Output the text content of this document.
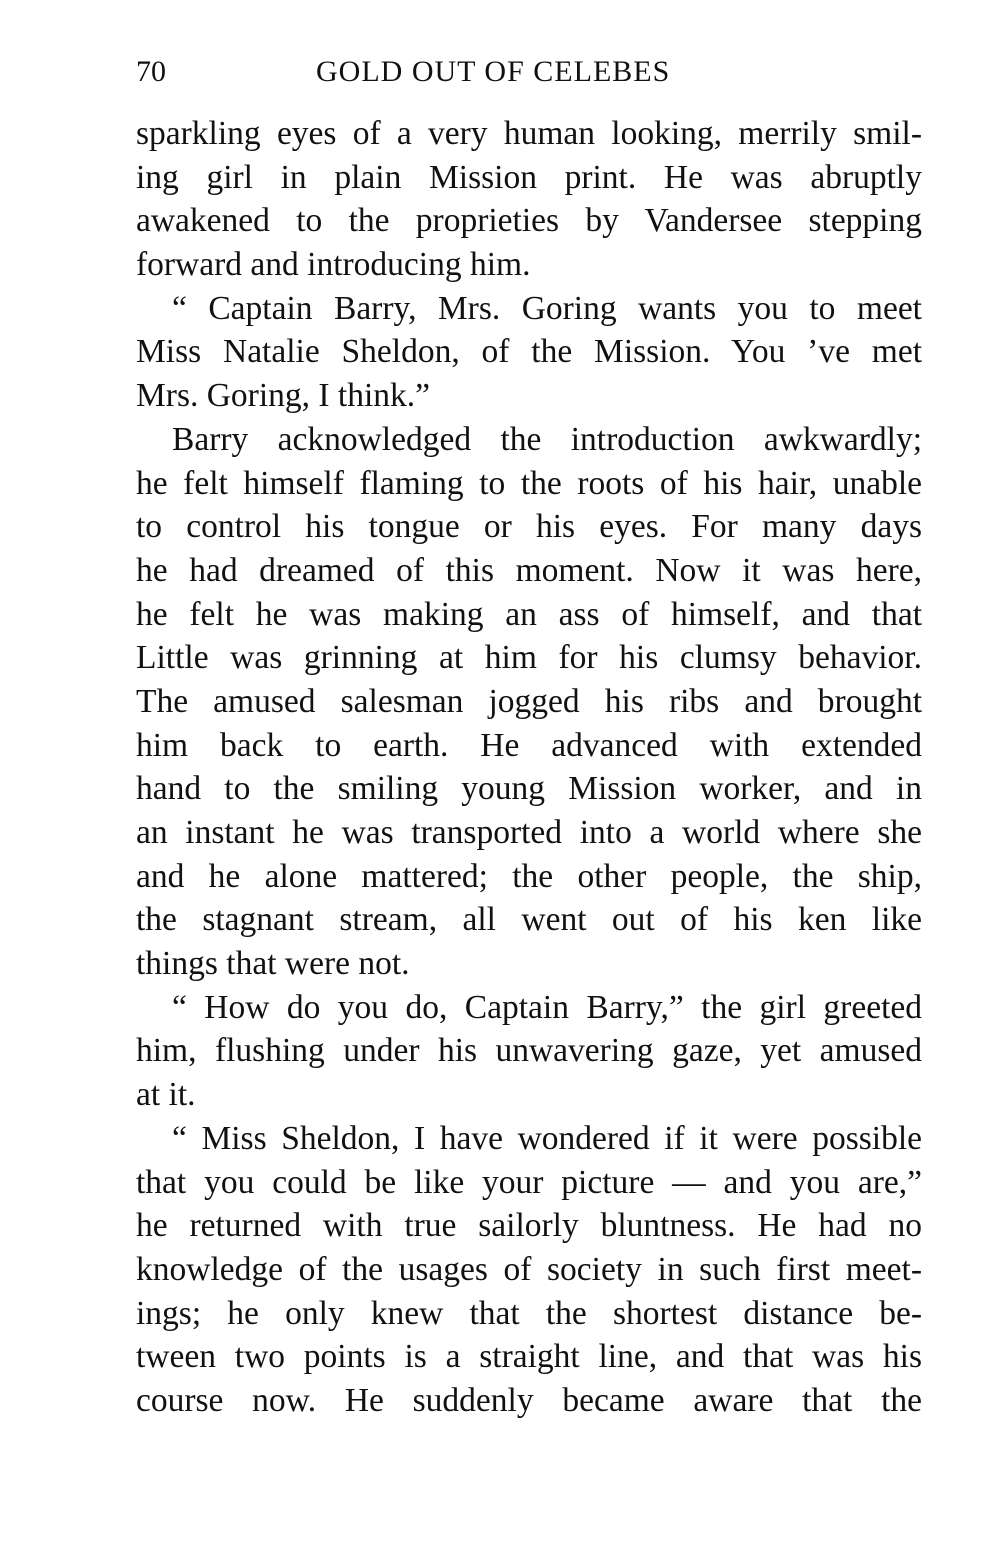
70	GOLD OUT OF CELEBES
sparkling eyes of a very human looking, merrily smil-
ing girl in plain Mission print. He was abruptly
awakened to the proprieties by Vandersee stepping
forward and introducing him.
“ Captain Barry, Mrs. Goring wants you to meet
Miss Natalie Sheldon, of the Mission. You ’ve met
Mrs. Goring, I think.”
Barry acknowledged the introduction awkwardly;
he felt himself flaming to the roots of his hair, unable
to control his tongue or his eyes. For many days
he had dreamed of this moment. Now it was here,
he felt he was making an ass of himself, and that
Little was grinning at him for his clumsy behavior.
The amused salesman jogged his ribs and brought
him back to earth. He advanced with extended
hand to the smiling young Mission worker, and in
an instant he was transported into a world where she
and he alone mattered; the other people, the ship,
the stagnant stream, all went out of his ken like
things that were not.
“ How do you do, Captain Barry,” the girl greeted
him, flushing under his unwavering gaze, yet amused
at it.
“ Miss Sheldon, I have wondered if it were possible
that you could be like your picture — and you are,”
he returned with true sailorly bluntness. He had no
knowledge of the usages of society in such first meet-
ings; he only knew that the shortest distance be-
tween two points is a straight line, and that was his
course now. He suddenly became aware that the
